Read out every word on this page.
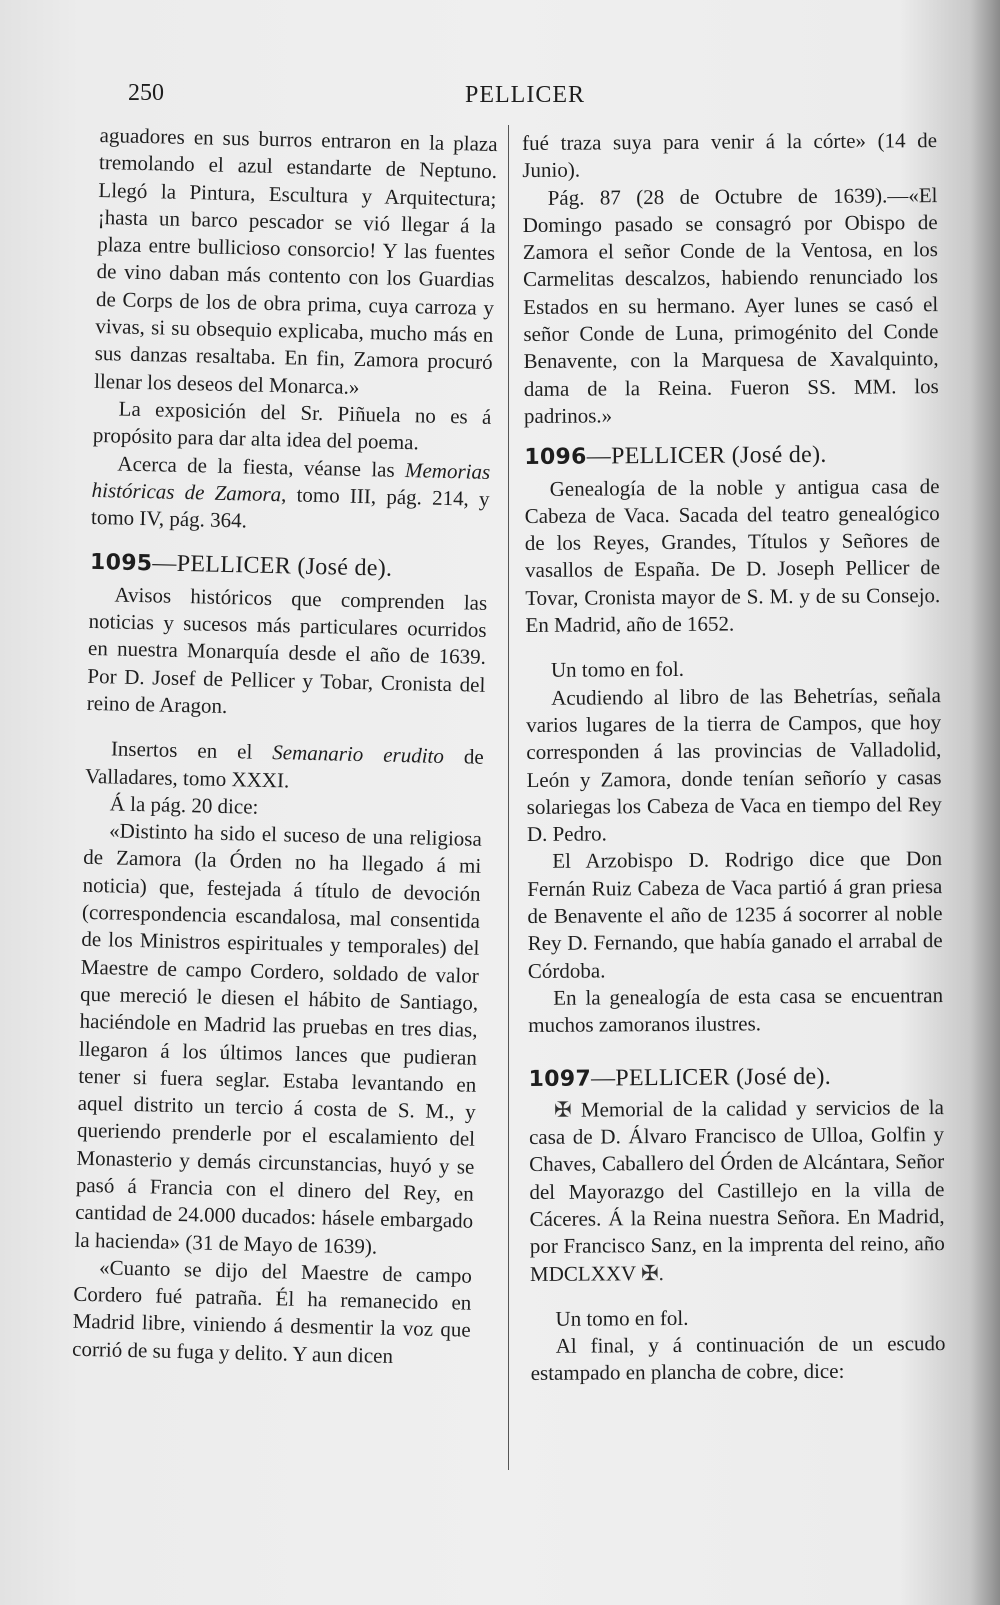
250	PELLICER

aguadores en sus burros entraron en la plaza tremolando el azul estandarte de Neptuno. Llegó la Pintura, Escultura y Arquitectura; ¡hasta un barco pescador se vió llegar á la plaza entre bullicioso consorcio! Y las fuentes de vino daban más contento con los Guardias de Corps de los de obra prima, cuya carroza y vivas, si su obsequio explicaba, mucho más en sus danzas resaltaba. En fin, Zamora procuró llenar los deseos del Monarca.»

La exposición del Sr. Piñuela no es á propósito para dar alta idea del poema.

Acerca de la fiesta, véanse las Memorias históricas de Zamora, tomo III, pág. 214, y tomo IV, pág. 364.

1095—PELLICER (José de).

Avisos históricos que comprenden las noticias y sucesos más particulares ocurridos en nuestra Monarquía desde el año de 1639. Por D. Josef de Pellicer y Tobar, Cronista del reino de Aragon.

Insertos en el Semanario erudito de Valladares, tomo XXXI.

Á la pág. 20 dice:

«Distinto ha sido el suceso de una religiosa de Zamora (la Órden no ha llegado á mi noticia) que, festejada á título de devoción (correspondencia escandalosa, mal consentida de los Ministros espirituales y temporales) del Maestre de campo Cordero, soldado de valor que mereció le diesen el hábito de Santiago, haciéndole en Madrid las pruebas en tres dias, llegaron á los últimos lances que pudieran tener si fuera seglar. Estaba levantando en aquel distrito un tercio á costa de S. M., y queriendo prenderle por el escalamiento del Monasterio y demás circunstancias, huyó y se pasó á Francia con el dinero del Rey, en cantidad de 24.000 ducados: hásele embargado la hacienda» (31 de Mayo de 1639).

«Cuanto se dijo del Maestre de campo Cordero fué patraña. Él ha remanecido en Madrid libre, viniendo á desmentir la voz que corrió de su fuga y delito. Y aun dicen

fué traza suya para venir á la córte» (14 de Junio).

Pág. 87 (28 de Octubre de 1639).—«El Domingo pasado se consagró por Obispo de Zamora el señor Conde de la Ventosa, en los Carmelitas descalzos, habiendo renunciado los Estados en su hermano. Ayer lunes se casó el señor Conde de Luna, primogénito del Conde Benavente, con la Marquesa de Xavalquinto, dama de la Reina. Fueron SS. MM. los padrinos.»

1096—PELLICER (José de).

Genealogía de la noble y antigua casa de Cabeza de Vaca. Sacada del teatro genealógico de los Reyes, Grandes, Títulos y Señores de vasallos de España. De D. Joseph Pellicer de Tovar, Cronista mayor de S. M. y de su Consejo. En Madrid, año de 1652.

Un tomo en fol.

Acudiendo al libro de las Behetrías, señala varios lugares de la tierra de Campos, que hoy corresponden á las provincias de Valladolid, León y Zamora, donde tenían señorío y casas solariegas los Cabeza de Vaca en tiempo del Rey D. Pedro.

El Arzobispo D. Rodrigo dice que Don Fernán Ruiz Cabeza de Vaca partió á gran priesa de Benavente el año de 1235 á socorrer al noble Rey D. Fernando, que había ganado el arrabal de Córdoba.

En la genealogía de esta casa se encuentran muchos zamoranos ilustres.

1097—PELLICER (José de).

✠ Memorial de la calidad y servicios de la casa de D. Álvaro Francisco de Ulloa, Golfin y Chaves, Caballero del Órden de Alcántara, Señor del Mayorazgo del Castillejo en la villa de Cáceres. Á la Reina nuestra Señora. En Madrid, por Francisco Sanz, en la imprenta del reino, año MDCLXXV ✠.

Un tomo en fol.

Al final, y á continuación de un escudo estampado en plancha de cobre, dice:
